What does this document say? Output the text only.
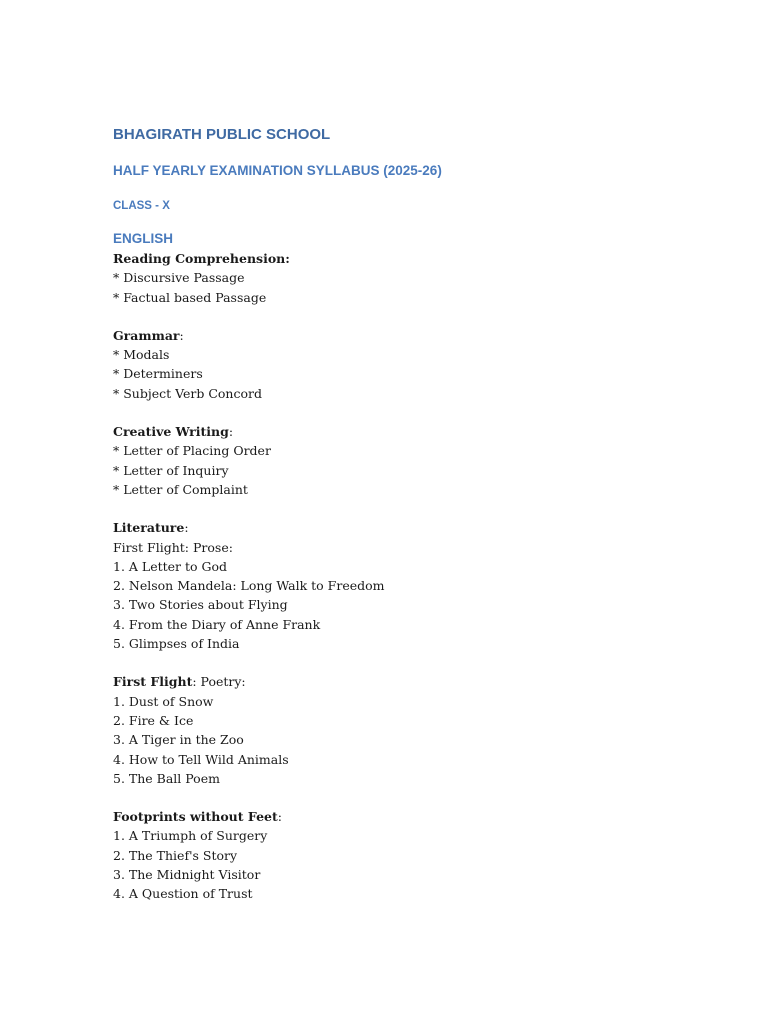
BHAGIRATH PUBLIC SCHOOL
HALF YEARLY EXAMINATION SYLLABUS (2025-26)
CLASS - X
ENGLISH
Reading Comprehension:
* Discursive Passage
* Factual based Passage
Grammar:
* Modals
* Determiners
* Subject Verb Concord
Creative Writing:
* Letter of Placing Order
* Letter of Inquiry
* Letter of Complaint
Literature:
First Flight: Prose:
1. A Letter to God
2. Nelson Mandela: Long Walk to Freedom
3. Two Stories about Flying
4. From the Diary of Anne Frank
5. Glimpses of India
First Flight: Poetry:
1. Dust of Snow
2. Fire & Ice
3. A Tiger in the Zoo
4. How to Tell Wild Animals
5. The Ball Poem
Footprints without Feet:
1. A Triumph of Surgery
2. The Thief's Story
3. The Midnight Visitor
4. A Question of Trust
